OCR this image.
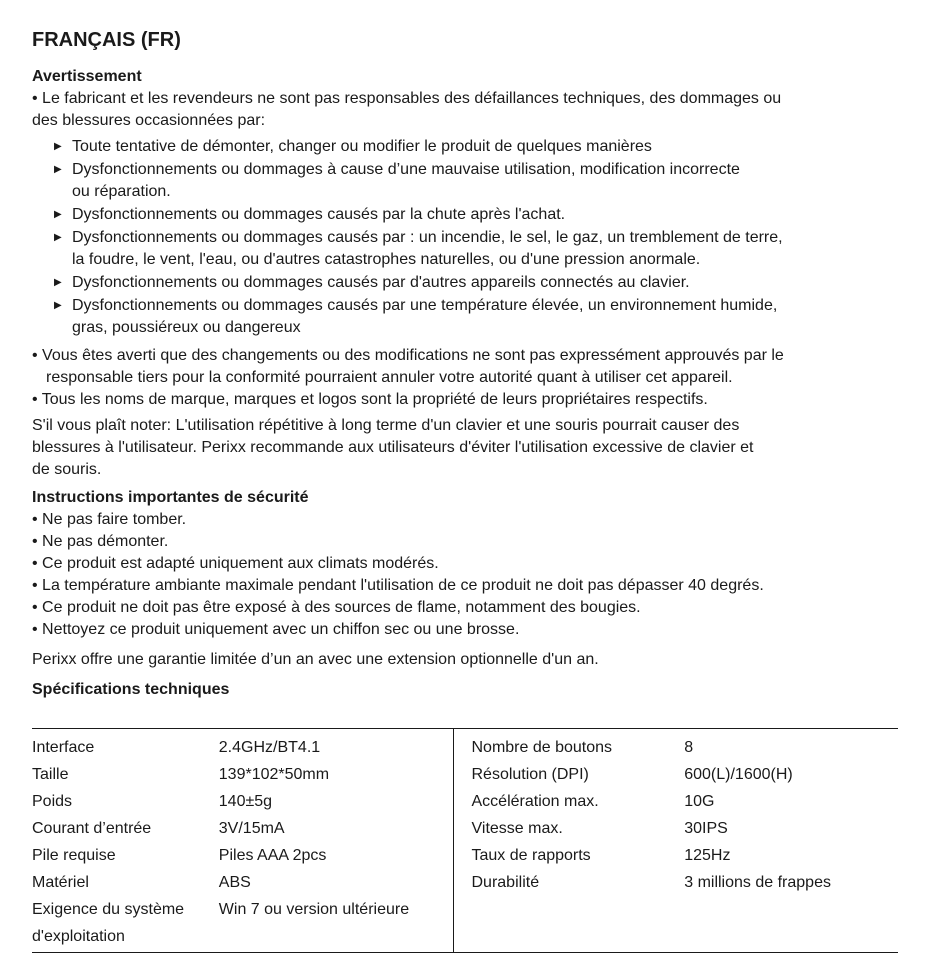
FRANÇAIS (FR)
Avertissement

• Le fabricant et les revendeurs ne sont pas responsables des défaillances techniques, des dommages ou
des blessures occasionnées par:

▶ Toute tentative de démonter, changer ou modifier le produit de quelques manières
▶ Dysfonctionnements ou dommages à cause d’une mauvaise utilisation, modification incorrecte
ou réparation.
▶ Dysfonctionnements ou dommages causés par la chute après l'achat.
▶ Dysfonctionnements ou dommages causés par : un incendie, le sel, le gaz, un tremblement de terre,
la foudre, le vent, l'eau, ou d'autres catastrophes naturelles, ou d'une pression anormale.
▶ Dysfonctionnements ou dommages causés par d'autres appareils connectés au clavier.
▶ Dysfonctionnements ou dommages causés par une température élevée, un environnement humide,
gras, poussiéreux ou dangereux

• Vous êtes averti que des changements ou des modifications ne sont pas expressément approuvés par le
responsable tiers pour la conformité pourraient annuler votre autorité quant à utiliser cet appareil.

• Tous les noms de marque, marques et logos sont la propriété de leurs propriétaires respectifs.

S'il vous plaît noter: L'utilisation répétitive à long terme d'un clavier et une souris pourrait causer des
blessures à l'utilisateur. Perixx recommande aux utilisateurs d'éviter l'utilisation excessive de clavier et
de souris.

Instructions importantes de sécurité

• Ne pas faire tomber.

• Ne pas démonter.

• Ce produit est adapté uniquement aux climats modérés.

• La température ambiante maximale pendant l'utilisation de ce produit ne doit pas dépasser 40 degrés.

• Ce produit ne doit pas être exposé à des sources de flame, notamment des bougies.

• Nettoyez ce produit uniquement avec un chiffon sec ou une brosse.

Perixx offre une garantie limitée d’un an avec une extension optionnelle d'un an.

Spécifications techniques
Interface	2.4GHz/BT4.1	Nombre de boutons	8
Taille	139*102*50mm	Résolution (DPI)	600(L)/1600(H)
Poids	140±5g	Accélération max.	10G
Courant d’entrée	3V/15mA	Vitesse max.	30IPS
Pile requise	Piles AAA 2pcs	Taux de rapports	125Hz
Matériel	ABS	Durabilité	3 millions de frappes
Exigence du système
d'exploitation	Win 7 ou version ultérieure		
